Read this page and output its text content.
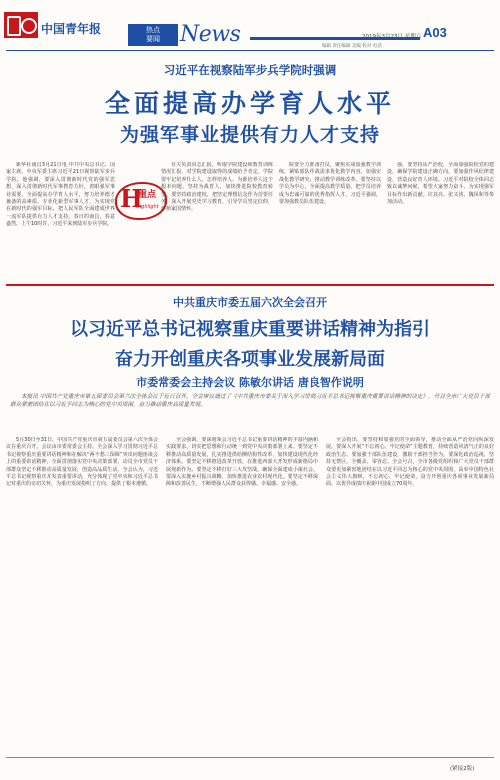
中国青年报	热点
要闻 News	2019年3月23日 星期六 A03
编辑 责任编辑 美编 校对 电话
习近平在视察陆军步兵学院时强调
全面提高办学育人水平
为强军事业提供有力人才支持

新华社南昌3月21日电 中共中央总书记、国家主席、中央军委主席习近平21日视察陆军步兵学院。他强调，要深入贯彻新时代党的强军思想，深入贯彻新时代军事教育方针，着眼强军事业需要，全面提高办学育人水平，努力培养德才兼备的高素质、专业化新型军事人才，为实现党在新时代的强军目标、把人民军队全面建成世界一流军队提供有力人才支持。春日的南昌，春意盎然。上午10时许，习近平来到陆军步兵学院。

H
重点
Highlight

有关负责同志汇报，听取学院建设和教育训练情况汇报，对学院建设取得的成绩给予肯定。学院要牢记培养什么人、怎样培养人、为谁培养人这个根本问题，坚持为战育人，加快推进院校教育转型。要坚持政治建校，把坚定理想信念作为首要任务，深入开展党史学习教育，引导学员坚定信仰，厚植家国情怀。

院要全力准备打仗，聚焦实战加强教学训练，紧贴部队作战需求优化教学内容，加强实战化教学研究，推动教学训练改革。要坚持以学员为中心，全面提高教学质量，把学员培养成为忠诚可靠的优秀指挥人才。习近平强调，要加强教员队伍建设。

强，要坚持从严治校，全面加强院校党的建设，确保学院建设正确方向。要加强作风纪律建设，营造良好育人环境。习近平对院校全体同志致以诚挚问候，希望大家努力奋斗，为实现强军目标作出新贡献。许其亮、张又侠、魏凤和等参加活动。

中共重庆市委五届六次全会召开
以习近平总书记视察重庆重要讲话精神为指引
奋力开创重庆各项事业发展新局面
市委常委会主持会议 陈敏尔讲话 唐良智作说明
本报讯 中国共产党重庆市第五届委员会第六次全体会议于近日召开。全会审议通过了《中共重庆市委关于深入学习贯彻习近平总书记视察重庆重要讲话精神的决定》，号召全市广大党员干部群众紧密团结在以习近平同志为核心的党中央周围，奋力推动重庆高质量发展。

5月30日至31日，中国共产党重庆市第五届委员会第六次全体会议在重庆召开。会议由市委常委会主持。全会深入学习贯彻习近平总书记视察重庆重要讲话精神和在解决“两不愁三保障”突出问题座谈会上的重要讲话精神，全面贯彻落实党中央决策部署，动员全市党员干部群众坚定不移推动高质量发展、创造高品质生活。全会认为，习近平总书记视察重庆并发表重要讲话，充分体现了党中央和习近平总书记对重庆的亲切关怀，为重庆发展指明了方向、提供了根本遵循。

全会强调，要深刻领会习近平总书记重要讲话精神的丰富内涵和实践要求，切实把思想和行动统一到党中央决策部署上来。要坚定不移推动高质量发展，扎实推进供给侧结构性改革，加快建设现代化经济体系。要坚定不移推进改革开放，在推进西部大开发形成新格局中展现新作为。要坚定不移打好三大攻坚战，确保全面建成小康社会。要深入实施乡村振兴战略，加快推进农业农村现代化。要坚定不移保障和改善民生，不断增强人民群众获得感、幸福感、安全感。

全会指出，要坚持和加强党的全面领导，推动全面从严治党向纵深发展。要深入开展“不忘初心、牢记使命”主题教育，持续营造风清气正的良好政治生态。要加强干部队伍建设，激励干部担当作为。要深化政治巡视，坚持无禁区、全覆盖、零容忍。全会号召，全市各级党组织和广大党员干部群众要更加紧密地团结在以习近平同志为核心的党中央周围，高举中国特色社会主义伟大旗帜，不忘初心、牢记使命，奋力开创重庆各项事业发展新局面，以优异成绩庆祝新中国成立70周年。

(紧接2版)
